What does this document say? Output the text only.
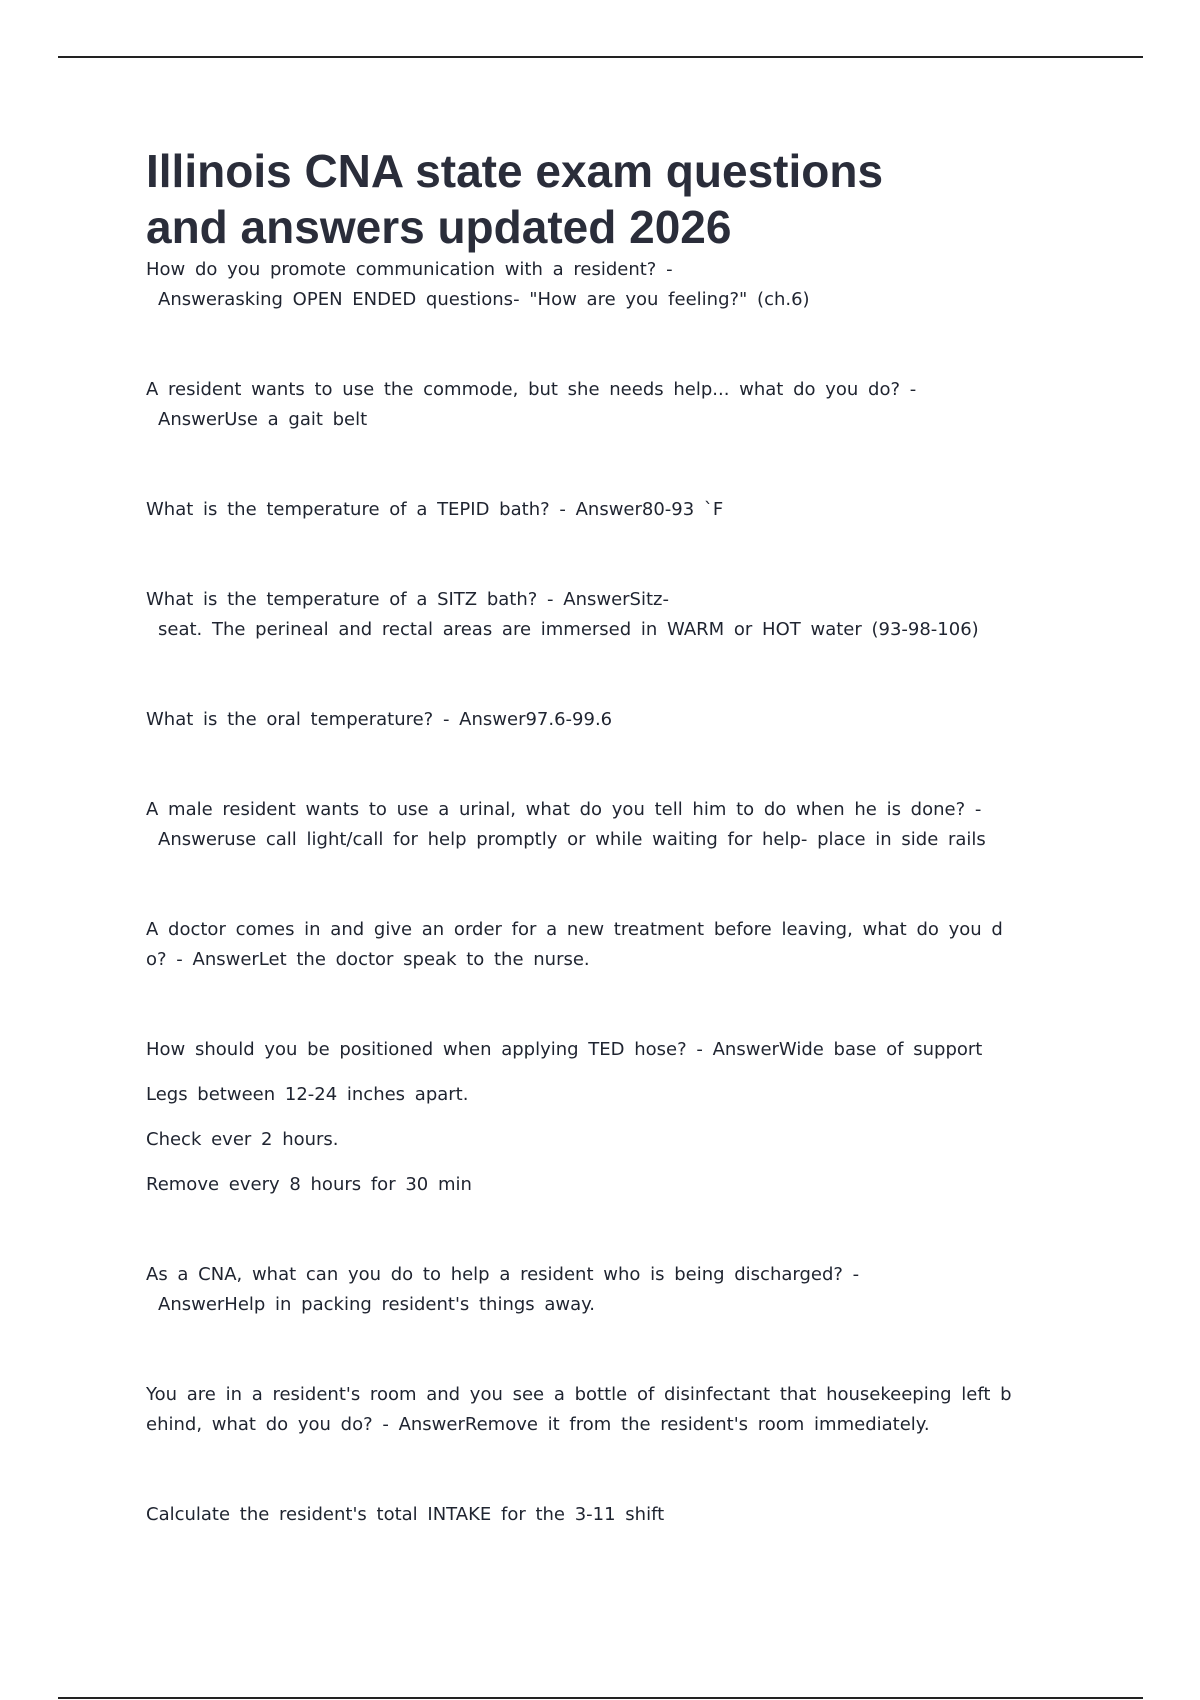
Illinois CNA state exam questions
and answers updated 2026

How do you promote communication with a resident? -

Answerasking OPEN ENDED questions- "How are you feeling?" (ch.6)

A resident wants to use the commode, but she needs help... what do you do? -

AnswerUse a gait belt

What is the temperature of a TEPID bath? - Answer80-93 `F

What is the temperature of a SITZ bath? - AnswerSitz-

seat. The perineal and rectal areas are immersed in WARM or HOT water (93-98-106)

What is the oral temperature? - Answer97.6-99.6

A male resident wants to use a urinal, what do you tell him to do when he is done? -

Answeruse call light/call for help promptly or while waiting for help- place in side rails

A doctor comes in and give an order for a new treatment before leaving, what do you d

o? - AnswerLet the doctor speak to the nurse.

How should you be positioned when applying TED hose? - AnswerWide base of support

Legs between 12-24 inches apart.

Check ever 2 hours.

Remove every 8 hours for 30 min

As a CNA, what can you do to help a resident who is being discharged? -

AnswerHelp in packing resident's things away.

You are in a resident's room and you see a bottle of disinfectant that housekeeping left b

ehind, what do you do? - AnswerRemove it from the resident's room immediately.

Calculate the resident's total INTAKE for the 3-11 shift
